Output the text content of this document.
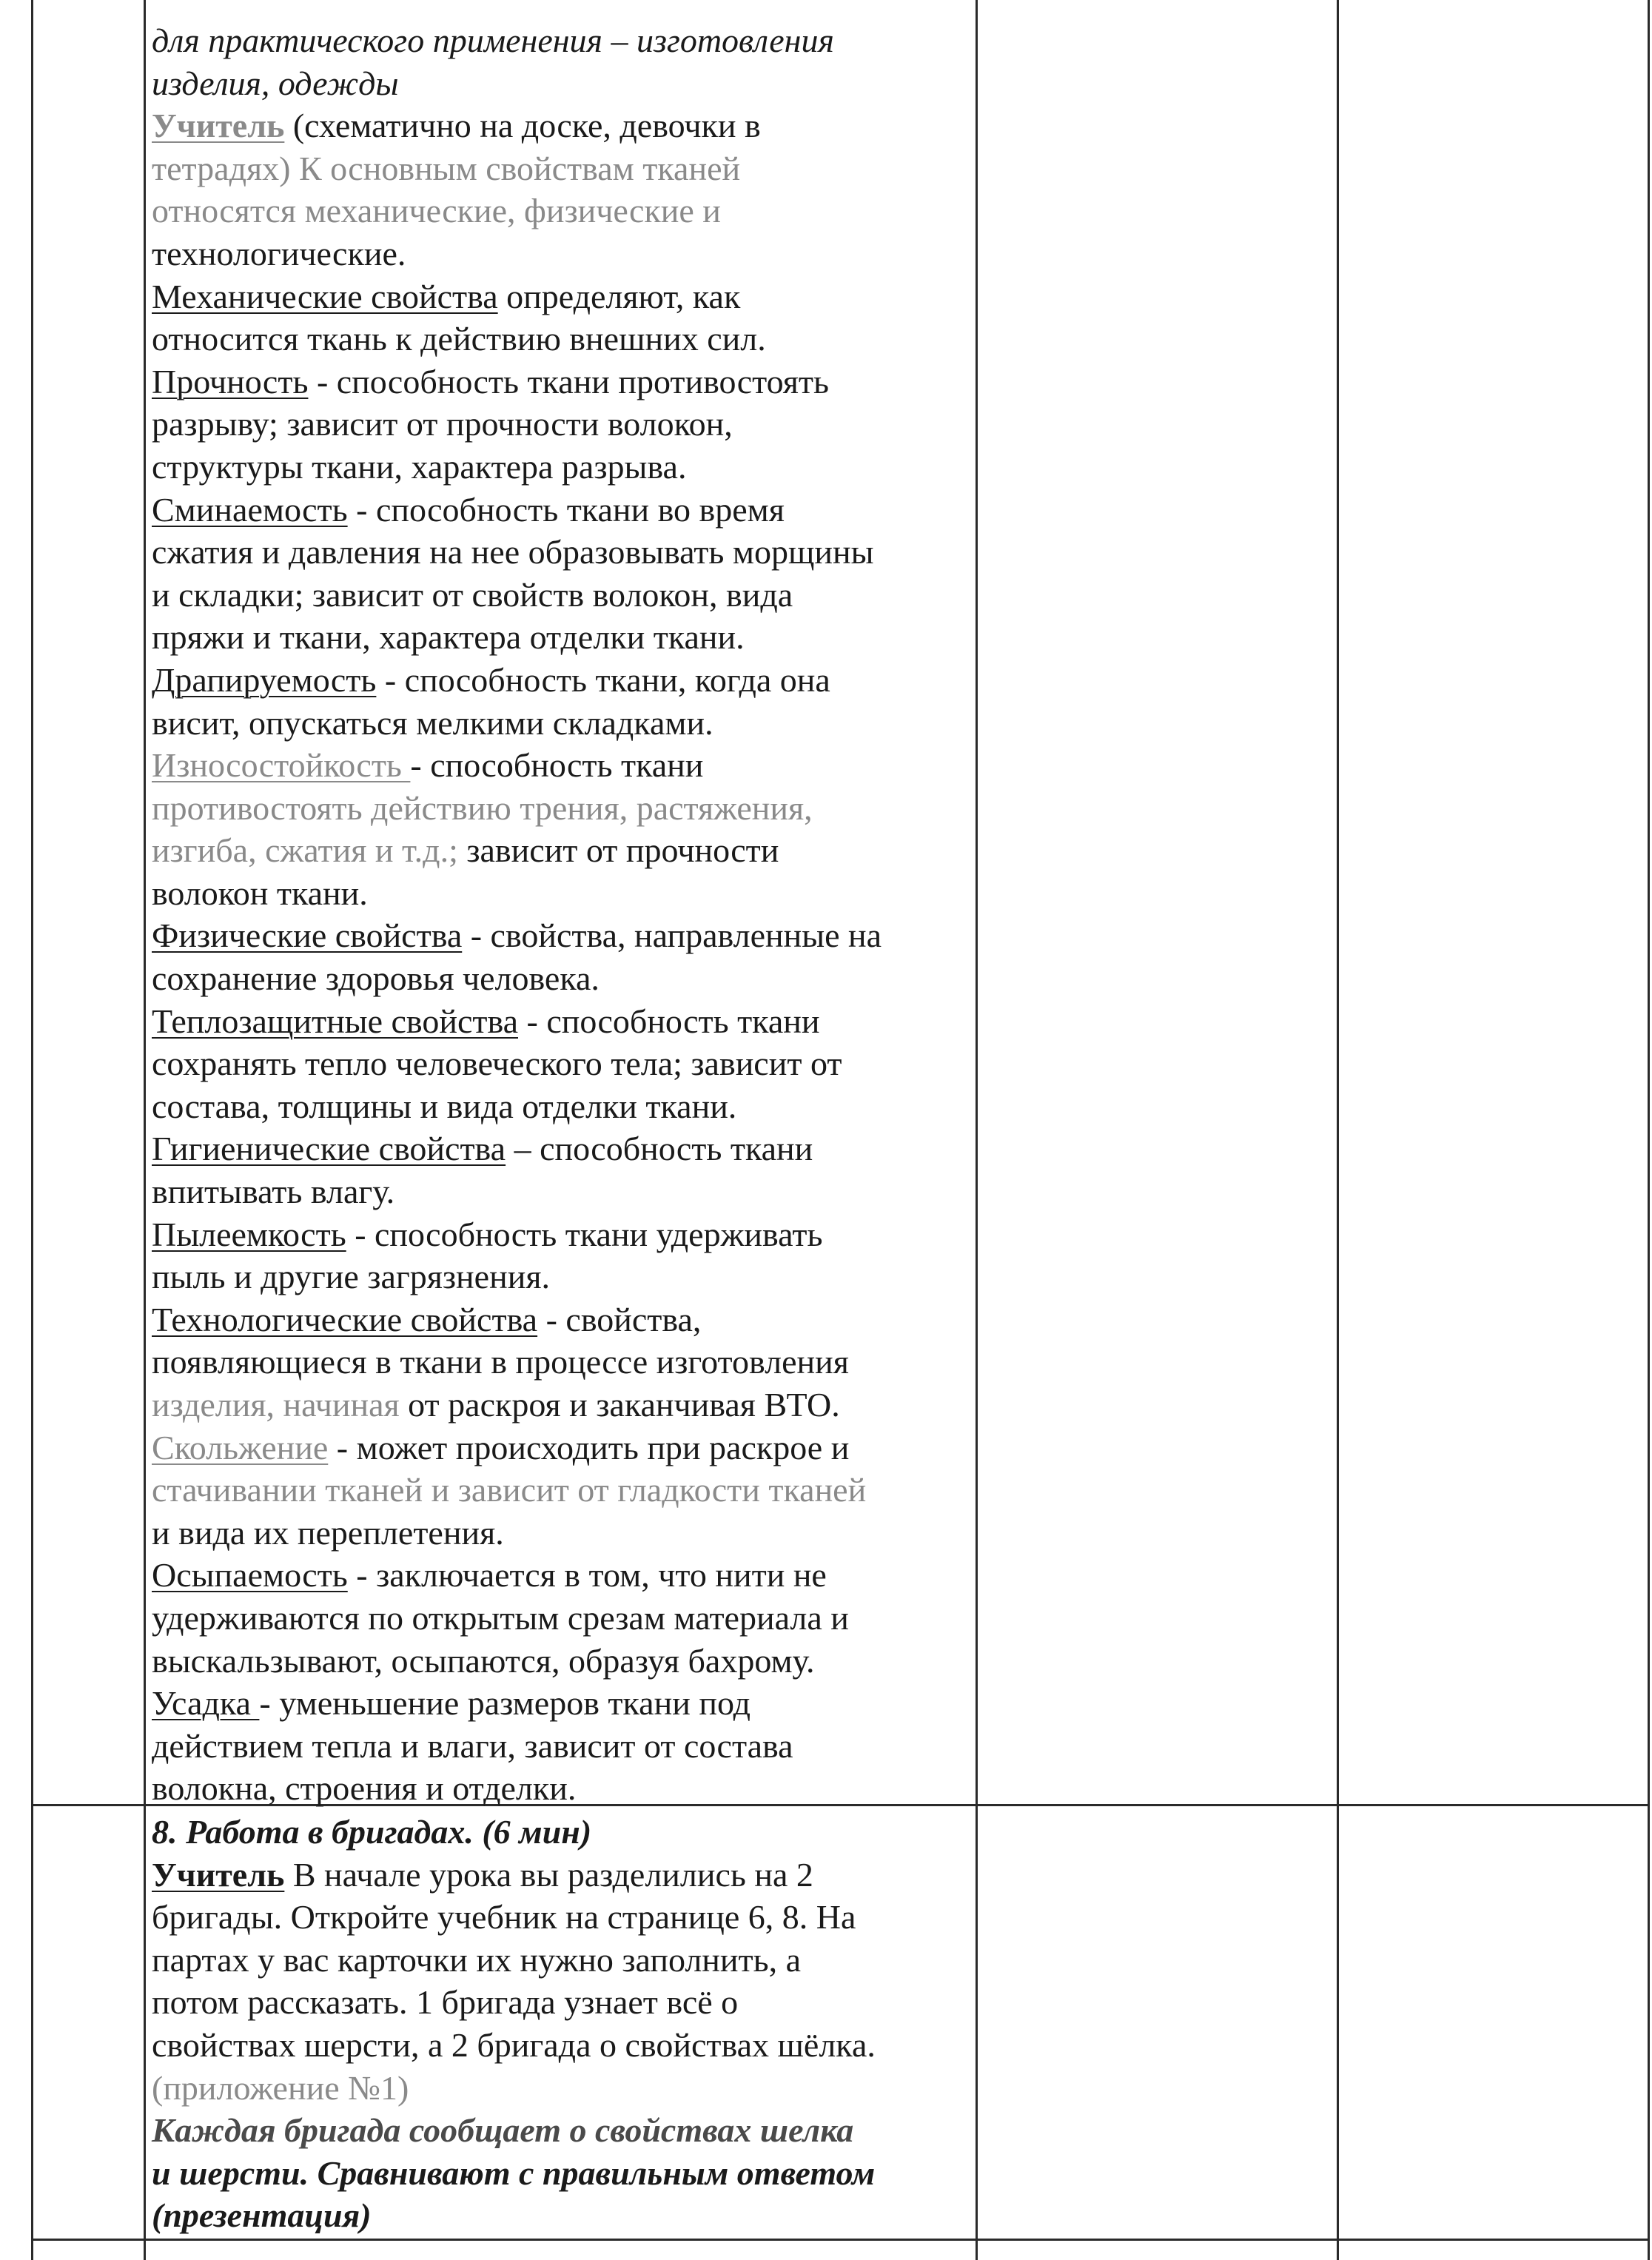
для практического применения – изготовления

изделия, одежды

Учитель (схематично на доске, девочки в

тетрадях) К основным свойствам тканей

относятся механические, физические и

технологические.

Механические свойства определяют, как

относится ткань к действию внешних сил.

Прочность - способность ткани противостоять

разрыву; зависит от прочности волокон,

структуры ткани, характера разрыва.

Сминаемость - способность ткани во время

сжатия и давления на нее образовывать морщины

и складки; зависит от свойств волокон, вида

пряжи и ткани, характера отделки ткани.

Драпируемость - способность ткани, когда она

висит, опускаться мелкими складками.

Износостойкость - способность ткани

противостоять действию трения, растяжения,

изгиба, сжатия и т.д.; зависит от прочности

волокон ткани.

Физические свойства - свойства, направленные на

сохранение здоровья человека.

Теплозащитные свойства - способность ткани

сохранять тепло человеческого тела; зависит от

состава, толщины и вида отделки ткани.

Гигиенические свойства – способность ткани

впитывать влагу.

Пылеемкость - способность ткани удерживать

пыль и другие загрязнения.

Технологические свойства - свойства,

появляющиеся в ткани в процессе изготовления

изделия, начиная от раскроя и заканчивая ВТО.

Скольжение - может происходить при раскрое и

стачивании тканей и зависит от гладкости тканей

и вида их переплетения.

Осыпаемость - заключается в том, что нити не

удерживаются по открытым срезам материала и

выскальзывают, осыпаются, образуя бахрому.

Усадка - уменьшение размеров ткани под

действием тепла и влаги, зависит от состава

волокна, строения и отделки.

8. Работа в бригадах. (6 мин)

Учитель В начале урока вы разделились на 2

бригады. Откройте учебник на странице 6, 8. На

партах у вас карточки их нужно заполнить, а

потом рассказать. 1 бригада узнает всё о

свойствах шерсти, а 2 бригада о свойствах шёлка.

(приложение №1)

Каждая бригада сообщает о свойствах шелка

и шерсти. Сравнивают с правильным ответом

(презентация)
